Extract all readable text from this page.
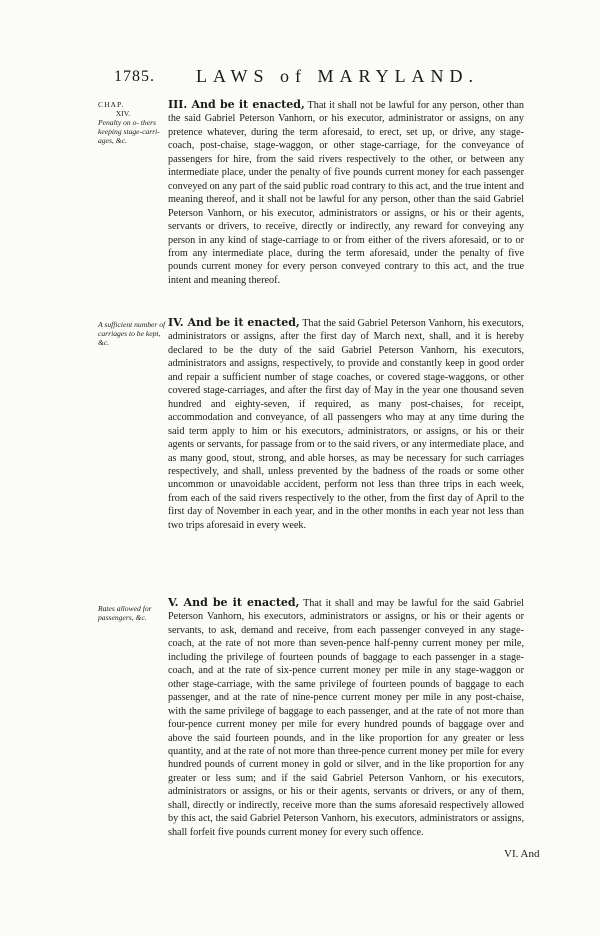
1785. LAWS of MARYLAND.
CHAP.
XIV.
Penalty on o- thers keeping stage-carri- ages, &c.
A sufficient number of carriages to be kept, &c.
Rates allowed for passengers, &c.
III. And be it enacted, That it shall not be lawful for any person, other than the said Gabriel Peterson Vanhorn, or his executor, administrator or assigns, on any pretence whatever, during the term aforesaid, to erect, set up, or drive, any stage-coach, post-chaise, stage-waggon, or other stage-carriage, for the conveyance of passengers for hire, from the said rivers respectively to the other, or between any intermediate place, under the penalty of five pounds current money for each passenger conveyed on any part of the said public road contrary to this act, and the true intent and meaning thereof, and it shall not be lawful for any person, other than the said Gabriel Peterson Vanhorn, or his executor, administrators or assigns, or his or their agents, servants or drivers, to receive, directly or indirectly, any reward for conveying any person in any kind of stage-carriage to or from either of the rivers aforesaid, or to or from any intermediate place, during the term aforesaid, under the penalty of five pounds current money for every person conveyed contrary to this act, and the true intent and meaning thereof.
IV. And be it enacted, That the said Gabriel Peterson Vanhorn, his executors, administrators or assigns, after the first day of March next, shall, and it is hereby declared to be the duty of the said Gabriel Peterson Vanhorn, his executors, administrators and assigns, respectively, to provide and constantly keep in good order and repair a sufficient number of stage coaches, or covered stage-waggons, or other covered stage-carriages, and after the first day of May in the year one thousand seven hundred and eighty-seven, if required, as many post-chaises, for receipt, accommodation and conveyance, of all passengers who may at any time during the said term apply to him or his executors, administrators, or assigns, or his or their agents or servants, for passage from or to the said rivers, or any intermediate place, and as many good, stout, strong, and able horses, as may be necessary for such carriages respectively, and shall, unless prevented by the badness of the roads or some other uncommon or unavoidable accident, perform not less than three trips in each week, from each of the said rivers respectively to the other, from the first day of April to the first day of November in each year, and in the other months in each year not less than two trips aforesaid in every week.
V. And be it enacted, That it shall and may be lawful for the said Gabriel Peterson Vanhorn, his executors, administrators or assigns, or his or their agents or servants, to ask, demand and receive, from each passenger conveyed in any stage-coach, at the rate of not more than seven-pence half-penny current money per mile, including the privilege of fourteen pounds of baggage to each passenger in a stage-coach, and at the rate of six-pence current money per mile in any stage-waggon or other stage-carriage, with the same privilege of fourteen pounds of baggage to each passenger, and at the rate of nine-pence current money per mile in any post-chaise, with the same privilege of baggage to each passenger, and at the rate of not more than four-pence current money per mile for every hundred pounds of baggage over and above the said fourteen pounds, and in the like proportion for any greater or less quantity, and at the rate of not more than three-pence current money per mile for every hundred pounds of current money in gold or silver, and in the like proportion for any greater or less sum; and if the said Gabriel Peterson Vanhorn, or his executors, administrators or assigns, or his or their agents, servants or drivers, or any of them, shall, directly or indirectly, receive more than the sums aforesaid respectively allowed by this act, the said Gabriel Peterson Vanhorn, his executors, administrators or assigns, shall forfeit five pounds current money for every such offence.
VI. And
